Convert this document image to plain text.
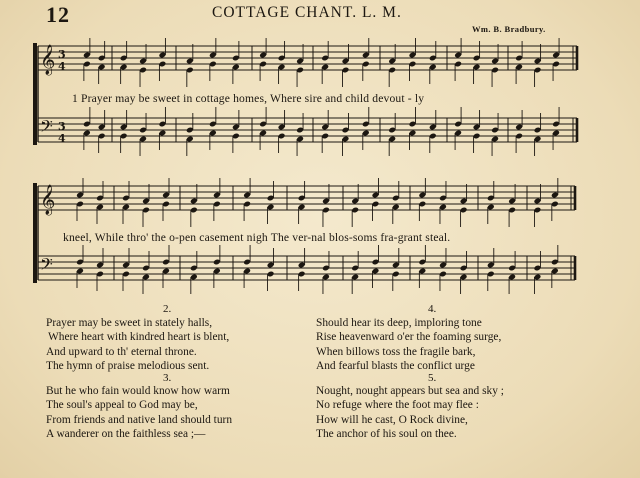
12	COTTAGE CHANT. L. M.
Wm. B. Bradbury.
𝄞
𝄢
3
4
3
4
𝄞
𝄢
1 Prayer may be sweet in cottage homes, Where sire and child devout - ly
kneel, While thro' the o-pen casement nigh The ver-nal blos-soms fra-grant steal.
2.
Prayer may be sweet in stately halls,
Where heart with kindred heart is blent,
And upward to th' eternal throne.
The hymn of praise melodious sent.
3.
But he who fain would know how warm
The soul's appeal to God may be,
From friends and native land should turn
A wanderer on the faithless sea ;—
4.
Should hear its deep, imploring tone
Rise heavenward o'er the foaming surge,
When billows toss the fragile bark,
And fearful blasts the conflict urge
5.
Nought, nought appears but sea and sky ;
No refuge where the foot may flee :
How will he cast, O Rock divine,
The anchor of his soul on thee.
